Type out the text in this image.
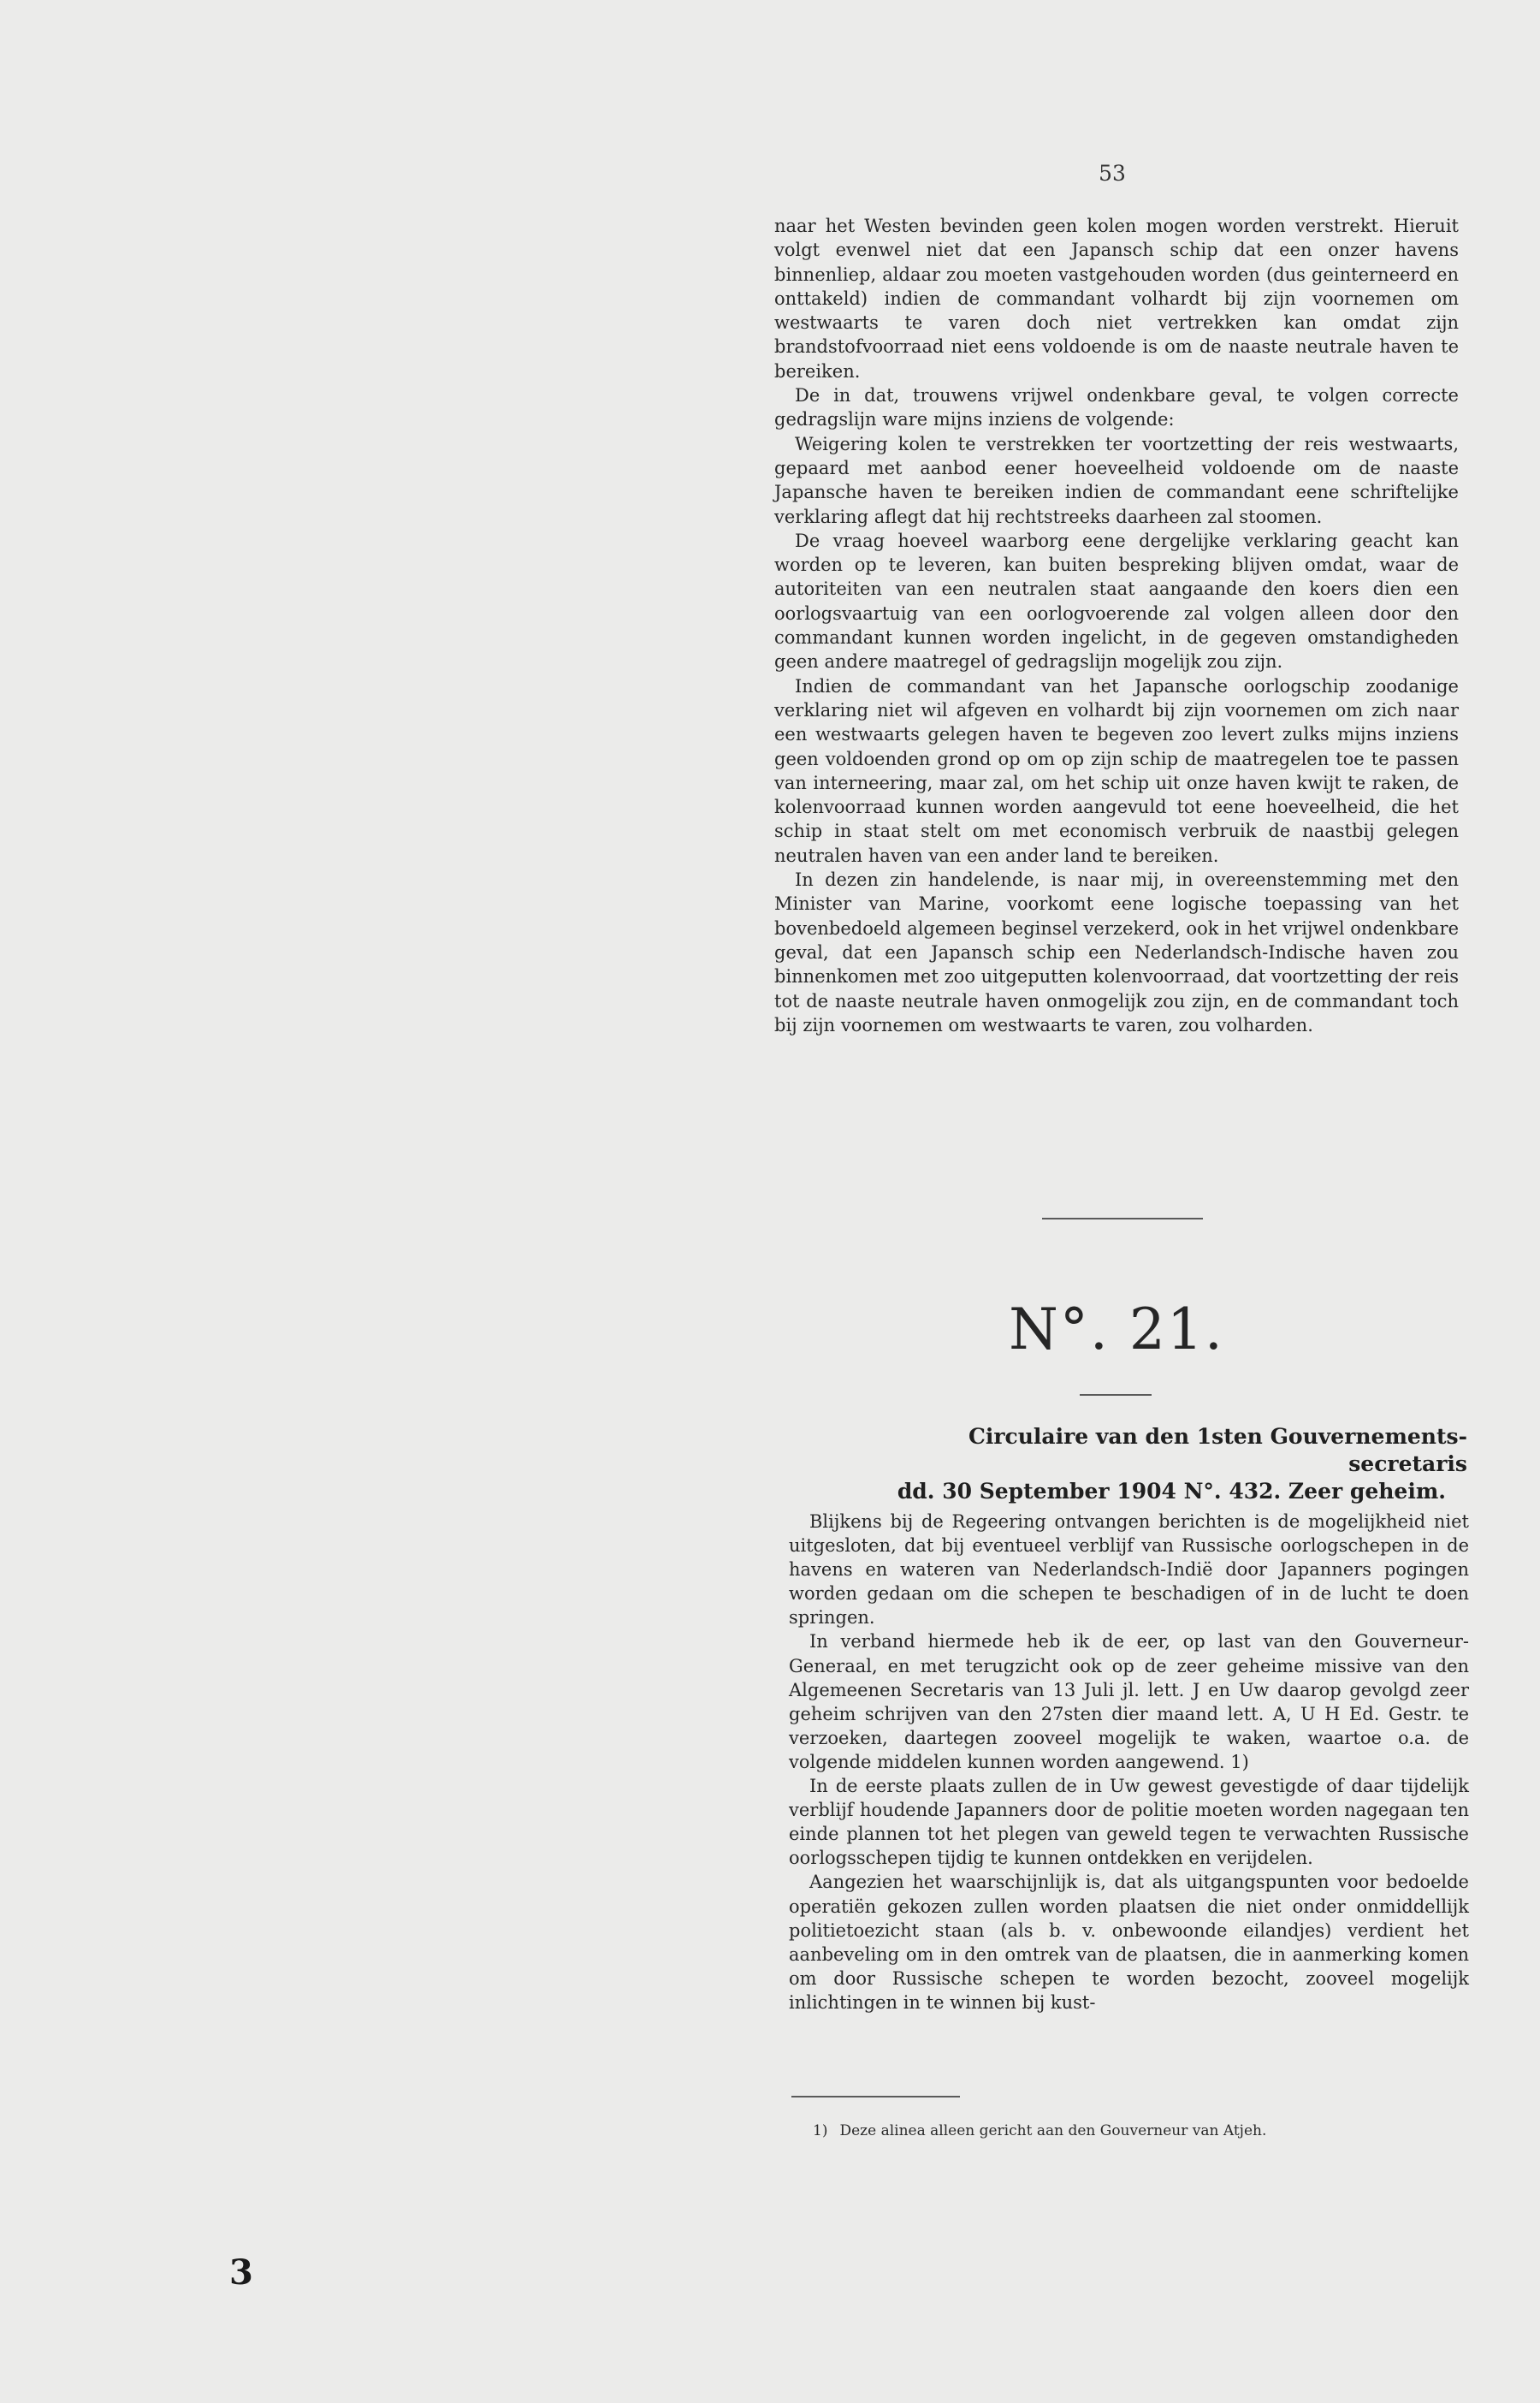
53

naar het Westen bevinden geen kolen mogen worden verstrekt. Hieruit volgt evenwel niet dat een Japansch schip dat een onzer havens binnenliep, aldaar zou moeten vastgehouden worden (dus geinterneerd en onttakeld) indien de commandant volhardt bij zijn voornemen om westwaarts te varen doch niet vertrekken kan omdat zijn brandstofvoorraad niet eens voldoende is om de naaste neutrale haven te bereiken.

De in dat, trouwens vrijwel ondenkbare geval, te volgen correcte gedragslijn ware mijns inziens de volgende:

Weigering kolen te verstrekken ter voortzetting der reis westwaarts, gepaard met aanbod eener hoeveelheid voldoende om de naaste Japansche haven te bereiken indien de commandant eene schriftelijke verklaring aflegt dat hij rechtstreeks daarheen zal stoomen.

De vraag hoeveel waarborg eene dergelijke verklaring geacht kan worden op te leveren, kan buiten bespreking blijven omdat, waar de autoriteiten van een neutralen staat aangaande den koers dien een oorlogsvaartuig van een oorlogvoerende zal volgen alleen door den commandant kunnen worden ingelicht, in de gegeven omstandigheden geen andere maatregel of gedragslijn mogelijk zou zijn.

Indien de commandant van het Japansche oorlogschip zoodanige verklaring niet wil afgeven en volhardt bij zijn voornemen om zich naar een westwaarts gelegen haven te begeven zoo levert zulks mijns inziens geen voldoenden grond op om op zijn schip de maatregelen toe te passen van interneering, maar zal, om het schip uit onze haven kwijt te raken, de kolenvoorraad kunnen worden aangevuld tot eene hoeveelheid, die het schip in staat stelt om met economisch verbruik de naastbij gelegen neutralen haven van een ander land te bereiken.

In dezen zin handelende, is naar mij, in overeenstemming met den Minister van Marine, voorkomt eene logische toepassing van het bovenbedoeld algemeen beginsel verzekerd, ook in het vrijwel ondenkbare geval, dat een Japansch schip een Nederlandsch-Indische haven zou binnenkomen met zoo uitgeputten kolenvoorraad, dat voortzetting der reis tot de naaste neutrale haven onmogelijk zou zijn, en de commandant toch bij zijn voornemen om westwaarts te varen, zou volharden.

N°. 21.
Circulaire van den 1sten Gouvernements-secretaris
dd. 30 September 1904 N°. 432. Zeer geheim.

Blijkens bij de Regeering ontvangen berichten is de mogelijkheid niet uitgesloten, dat bij eventueel verblijf van Russische oorlogschepen in de havens en wateren van Nederlandsch-Indië door Japanners pogingen worden gedaan om die schepen te beschadigen of in de lucht te doen springen.

In verband hiermede heb ik de eer, op last van den Gouverneur-Generaal, en met terugzicht ook op de zeer geheime missive van den Algemeenen Secretaris van 13 Juli jl. lett. J en Uw daarop gevolgd zeer geheim schrijven van den 27sten dier maand lett. A, U H Ed. Gestr. te verzoeken, daartegen zooveel mogelijk te waken, waartoe o.a. de volgende middelen kunnen worden aangewend. 1)

In de eerste plaats zullen de in Uw gewest gevestigde of daar tijdelijk verblijf houdende Japanners door de politie moeten worden nagegaan ten einde plannen tot het plegen van geweld tegen te verwachten Russische oorlogsschepen tijdig te kunnen ontdekken en verijdelen.

Aangezien het waarschijnlijk is, dat als uitgangspunten voor bedoelde operatiën gekozen zullen worden plaatsen die niet onder onmiddellijk politietoezicht staan (als b. v. onbewoonde eilandjes) verdient het aanbeveling om in den omtrek van de plaatsen, die in aanmerking komen om door Russische schepen te worden bezocht, zooveel mogelijk inlichtingen in te winnen bij kust-

1) Deze alinea alleen gericht aan den Gouverneur van Atjeh.
3
